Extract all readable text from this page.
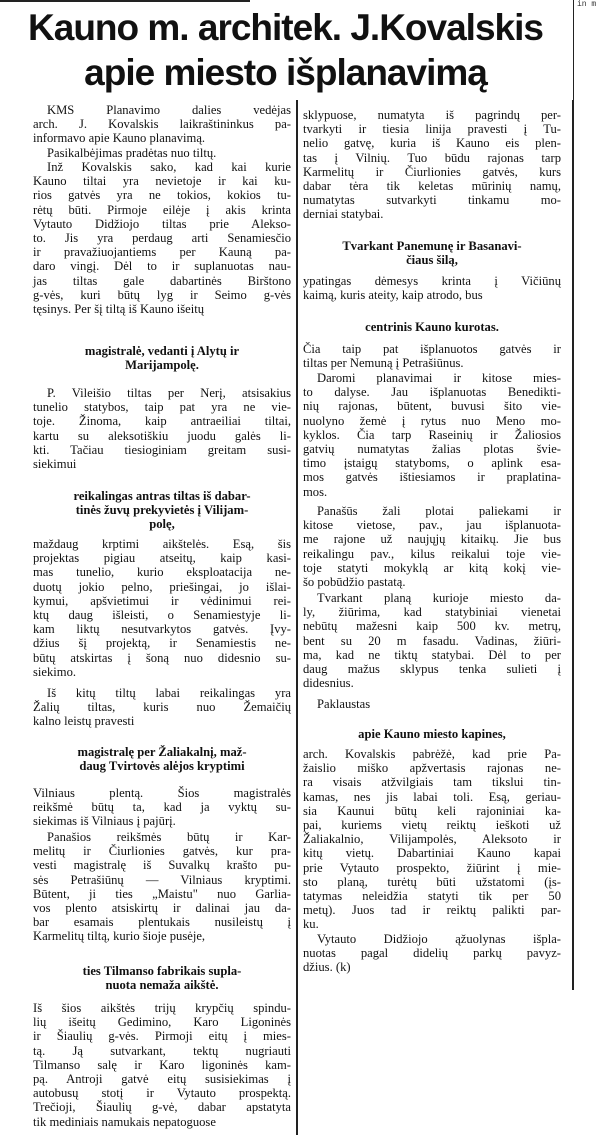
in m
Kauno m. architek. J.Kovalskis
apie miesto išplanavimą
KMS Planavimo dalies vedėjas
arch. J. Kovalskis laikraštininkus pa-
informavo apie Kauno planavimą.
Pasikalbėjimas pradėtas nuo tiltų.
Inž Kovalskis sako, kad kai kurie
Kauno tiltai yra nevietoje ir kai ku-
rios gatvės yra ne tokios, kokios tu-
rėtų būti. Pirmoje eilėje į akis krinta
Vytauto Didžiojo tiltas prie Alekso-
to. Jis yra perdaug arti Senamiesčio
ir pravažiuojantiems per Kauną pa-
daro vingį. Dėl to ir suplanuotas nau-
jas tiltas gale dabartinės Birštono
g-vės, kuri būtų lyg ir Seimo g-vės
tęsinys. Per šį tiltą iš Kauno išeitų
magistralė, vedanti į Alytų ir
Marijampolę.
P. Vileišio tiltas per Nerį, atsisakius
tunelio statybos, taip pat yra ne vie-
toje. Žinoma, kaip antraeiliai tiltai,
kartu su aleksotiškiu juodu galės li-
kti. Tačiau tiesioginiam greitam susi-
siekimui
reikalingas antras tiltas iš dabar-
tinės žuvų prekyvietės į Vilijam-
polę,
maždaug krptimi aikštelės. Esą, šis
projektas pigiau atseitų, kaip kasi-
mas tunelio, kurio eksploatacija ne-
duotų jokio pelno, priešingai, jo išlai-
kymui, apšvietimui ir vėdinimui rei-
ktų daug išleisti, o Senamiestyje li-
kam liktų nesutvarkytos gatvės. Įvy-
džius šį projektą, ir Senamiestis ne-
būtų atskirtas į šoną nuo didesnio su-
siekimo.
Iš kitų tiltų labai reikalingas yra
Žalių tiltas, kuris nuo Žemaičių
kalno leistų pravesti
magistralę per Žaliakalnį, maž-
daug Tvirtovės alėjos kryptimi
Vilniaus plentą. Šios magistralės
reikšmė būtų ta, kad ja vyktų su-
siekimas iš Vilniaus į pajūrį.
Panašios reikšmės būtų ir Kar-
melitų ir Čiurlionies gatvės, kur pra-
vesti magistralę iš Suvalkų krašto pu-
sės Petrašiūnų — Vilniaus kryptimi.
Būtent, ji ties „Maistu" nuo Garlia-
vos plento atsiskirtų ir dalinai jau da-
bar esamais plentukais nusileistų į
Karmelitų tiltą, kurio šioje pusėje,
ties Tilmanso fabrikais supla-
nuota nemaža aikštė.
Iš šios aikštės trijų krypčių spindu-
lių išeitų Gedimino, Karo Ligoninės
ir Šiaulių g-vės. Pirmoji eitų į mies-
tą. Ją sutvarkant, tektų nugriauti
Tilmanso salę ir Karo ligoninės kam-
pą. Antroji gatvė eitų susisiekimas į
autobusų stotį ir Vytauto prospektą.
Trečioji, Šiaulių g-vė, dabar apstatyta
tik mediniais namukais nepatoguose
sklypuose, numatyta iš pagrindų per-
tvarkyti ir tiesia linija pravesti į Tu-
nelio gatvę, kuria iš Kauno eis plen-
tas į Vilnių. Tuo būdu rajonas tarp
Karmelitų ir Čiurlionies gatvės, kurs
dabar tėra tik keletas mūrinių namų,
numatytas sutvarkyti tinkamu mo-
derniai statybai.
Tvarkant Panemunę ir Basanavi-
čiaus šilą,
ypatingas dėmesys krinta į Vičiūnų
kaimą, kuris ateity, kaip atrodo, bus
centrinis Kauno kurotas.
Čia taip pat išplanuotos gatvės ir
tiltas per Nemuną į Petrašiūnus.
Daromi planavimai ir kitose mies-
to dalyse. Jau išplanuotas Benedikti-
nių rajonas, būtent, buvusi šito vie-
nuolyno žemė į rytus nuo Meno mo-
kyklos. Čia tarp Raseinių ir Žaliosios
gatvių numatytas žalias plotas švie-
timo įstaigų statyboms, o aplink esa-
mos gatvės ištiesiamos ir praplatina-
mos.
Panašūs žali plotai paliekami ir
kitose vietose, pav., jau išplanuota-
me rajone už naujųjų kitaikų. Jie bus
reikalingu pav., kilus reikalui toje vie-
toje statyti mokyklą ar kitą kokį vie-
šo pobūdžio pastatą.
Tvarkant planą kurioje miesto da-
ly, žiūrima, kad statybiniai vienetai
nebūtų mažesni kaip 500 kv. metrų,
bent su 20 m fasadu. Vadinas, žiūri-
ma, kad ne tiktų statybai. Dėl to per
daug mažus sklypus tenka sulieti į
didesnius.
Paklaustas
apie Kauno miesto kapines,
arch. Kovalskis pabrėžė, kad prie Pa-
žaislio miško apžvertasis rajonas ne-
ra visais atžvilgiais tam tikslui tin-
kamas, nes jis labai toli. Esą, geriau-
sia Kaunui būtų keli rajoniniai ka-
pai, kuriems vietų reiktų ieškoti už
Žaliakalnio, Vilijampolės, Aleksoto ir
kitų vietų. Dabartiniai Kauno kapai
prie Vytauto prospekto, žiūrint į mie-
sto planą, turėtų būti užstatomi (įs-
tatymas neleidžia statyti tik per 50
metų). Juos tad ir reiktų palikti par-
ku.
Vytauto Didžiojo ąžuolynas išpla-
nuotas pagal didelių parkų pavyz-
džius. (k)
